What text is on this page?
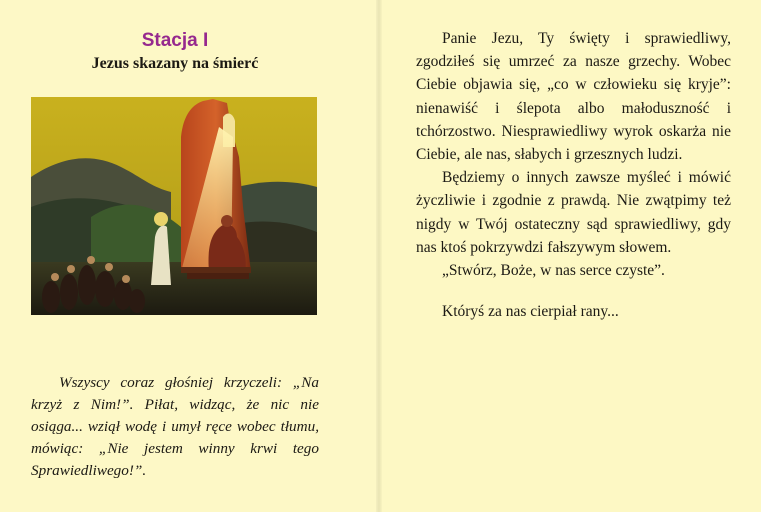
Stacja I
Jezus skazany na śmierć

Wszyscy coraz głośniej krzyczeli: „Na krzyż z Nim!”. Piłat, widząc, że nic nie osiąga... wziął wodę i umył ręce wobec tłumu, mówiąc: „Nie jestem winny krwi tego Sprawiedliwego!”.

Panie Jezu, Ty święty i sprawiedliwy, zgodziłeś się umrzeć za nasze grzechy. Wobec Ciebie objawia się, „co w człowieku się kryje”: nienawiść i ślepota albo małoduszność i tchórzostwo. Niesprawiedliwy wyrok oskarża nie Ciebie, ale nas, słabych i grzesznych ludzi.

Będziemy o innych zawsze myśleć i mówić życzliwie i zgodnie z prawdą. Nie zwątpimy też nigdy w Twój ostateczny sąd sprawiedliwy, gdy nas ktoś pokrzywdzi fałszywym słowem.

„Stwórz, Boże, w nas serce czyste”.

Któryś za nas cierpiał rany...
